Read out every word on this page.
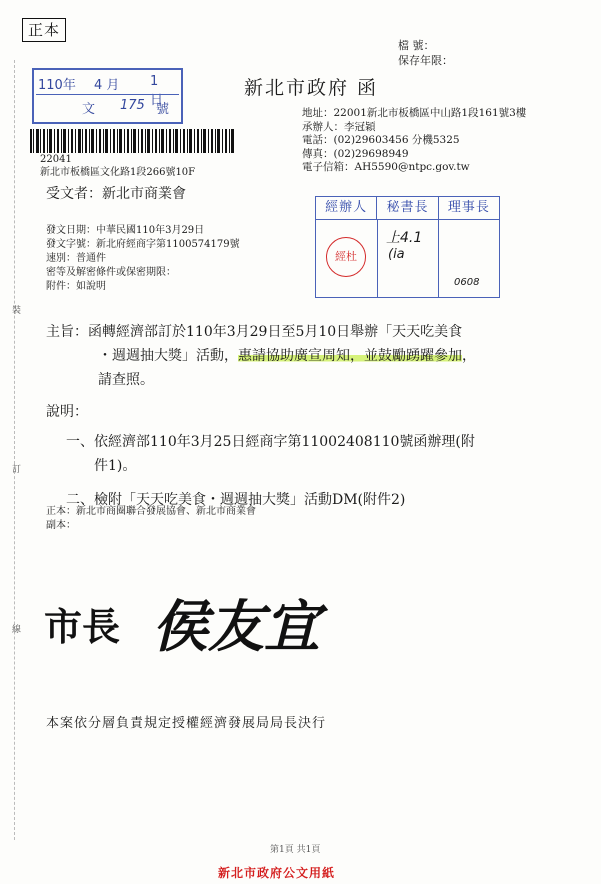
正本
檔 號：
保存年限：
新北市政府 函
110年 4 月 1 日
文 175 號
22041
新北市板橋區文化路1段266號10F
地址：22001新北市板橋區中山路1段161號3樓
承辦人：李冠穎
電話：(02)29603456 分機5325
傳真：(02)29698949
電子信箱：AH5590@ntpc.gov.tw
受文者：新北市商業會
發文日期：中華民國110年3月29日
發文字號：新北府經商字第1100574179號
速別：普通件
密等及解密條件或保密期限：
附件：如說明
經辦人	秘書長	理事長
經杜
上4.1
(ia
0608
主旨：函轉經濟部訂於110年3月29日至5月10日舉辦「天天吃美食
・週週抽大獎」活動，惠請協助廣宣周知，並鼓勵踴躍參加，
請查照。
說明：
一、依經濟部110年3月25日經商字第11002408110號函辦理(附
件1)。
二、檢附「天天吃美食・週週抽大獎」活動DM(附件2)
正本：新北市商圈聯合發展協會、新北市商業會
副本：
市長 侯友宜
本案依分層負責規定授權經濟發展局局長決行
第1頁 共1頁
新北市政府公文用紙
裝
訂
線
